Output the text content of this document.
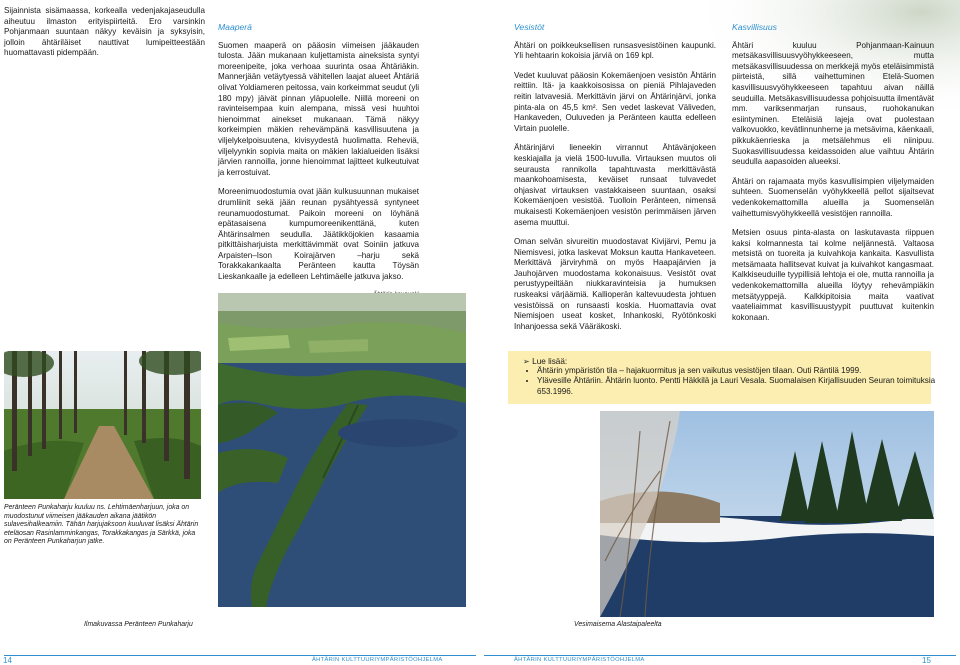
Sijainnista sisämaassa, korkealla vedenjakajaseudulla aiheutuu ilmaston erityispiirteitä. Ero varsinkin Pohjanmaan suuntaan näkyy keväisin ja syksyisin, jolloin ähtäriläiset nauttivat lumipeitteestään huomattavasti pidempään.

Maaperä

Suomen maaperä on pääosin viimeisen jääkauden tulosta. Jään mukanaan kuljettamista aineksista syntyi moreenipeite, joka verhoaa suurinta osaa Ähtäriäkin. Mannerjään vetäytyessä vähitellen laajat alueet Ähtäriä olivat Yoldiameren peitossa, vain korkeimmat seudut (yli 180 mpy) jäivät pinnan yläpuolelle. Niillä moreeni on ravinteisempaa kuin alempana, missä vesi huuhtoi hienoimmat ainekset mukanaan. Tämä näkyy korkeimpien mäkien rehevämpänä kasvillisuutena ja viljelykelpoisuutena, kivisyydestä huolimatta. Reheviä, viljelyynkin sopivia maita on mäkien lakialueiden lisäksi järvien rannoilla, jonne hienoimmat lajitteet kulkeutuivat ja kerrostuivat.

Moreenimuodostumia ovat jään kulkusuunnan mukaiset drumliinit sekä jään reunan pysähtyessä syntyneet reunamuodostumat. Paikoin moreeni on löyhänä epätasaisena kumpumoreenikenttänä, kuten Ähtärinsalmen seudulla. Jäätikköjokien kasaamia pitkittäisharjuista merkittävimmät ovat Soiniin jatkuva Arpaisten–Ison Koirajärven –harju sekä Torakkakankaalta Peränteen kautta Töysän Lieskankaalle ja edelleen Lehtimäelle jatkuva jakso.

Peränteen Punkaharju kuuluu ns. Lehtimäenharjuun, joka on muodostunut viimeisen jääkauden aikana jäätikön sulavesihalkeamiin. Tähän harjujaksoon kuuluvat lisäksi Ähtärin eteläosan Rasinlamminkangas, Torakkakangas ja Särkkä, joka on Peränteen Punkaharjun jatke.
Ilmakuvassa Peränteen Punkaharju
14	ÄHTÄRIN KULTTUURIYMPÄRISTÖOHJELMA
Vesistöt

Ähtäri on poikkeuksellisen runsasvesistöinen kaupunki. Yli hehtaarin kokoisia järviä on 169 kpl.

Vedet kuuluvat pääosin Kokemäenjoen vesistön Ähtärin reittiin. Itä- ja kaakkoisosissa on pieniä Pihlajaveden reitin latvavesiä. Merkittävin järvi on Ähtärinjärvi, jonka pinta-ala on 45,5 km². Sen vedet laskevat Väliveden, Hankaveden, Ouluveden ja Peränteen kautta edelleen Virtain puolelle.

Ähtärinjärvi lieneekin virrannut Ähtävänjokeen keskiajalla ja vielä 1500-luvulla. Virtauksen muutos oli seurausta rannikolla tapahtuvasta merkittävästä maankohoamisesta, keväiset runsaat tulvavedet ohjasivat virtauksen vastakkaiseen suuntaan, osaksi Kokemäenjoen vesistöä. Tuolloin Peränteen, nimensä mukaisesti Kokemäenjoen vesistön perimmäisen järven asema muuttui.

Oman selvän sivureitin muodostavat Kivijärvi, Pemu ja Niemisvesi, jotka laskevat Moksun kautta Hankaveteen. Merkittävä järviryhmä on myös Haapajärvien ja Jauhojärven muodostama kokonaisuus. Vesistöt ovat perustyypeiltään niukkaravinteisia ja humuksen ruskeaksi värjäämiä. Kallioperän kaltevuudesta johtuen vesistöissä on runsaasti koskia. Huomattavia ovat Niemisjoen useat kosket, Inhankoski, Ryötönkoski Inhanjoessa sekä Vääräkoski.

Kasvillisuus

Ähtäri kuuluu Pohjanmaan-Kainuun metsäkasvillisuusvyöhykkeeseen, mutta metsäkasvillisuudessa on merkkejä myös eteläisimmistä piirteistä, sillä vaihettuminen Etelä-Suomen kasvillisuusvyöhykkeeseen tapahtuu aivan näillä seuduilla. Metsäkasvillisuudessa pohjoisuutta ilmentävät mm. variksenmarjan runsaus, ruohokanukan esiintyminen. Eteläisiä lajeja ovat puolestaan valkovuokko, kevätlinnunherne ja metsävirna, käenkaali, pikkukäenrieska ja metsälehmus eli niinipuu. Suokasvillisuudessa keidassoiden alue vaihtuu Ähtärin seudulla aapasoiden alueeksi.

Ähtäri on rajamaata myös kasvullisimpien viljelymaiden suhteen. Suomenselän vyöhykkeellä pellot sijaitsevat vedenkokemattomilla alueilla ja Suomenselän vaihettumisvyöhykkeellä vesistöjen rannoilla.

Metsien osuus pinta-alasta on laskutavasta riippuen kaksi kolmannesta tai kolme neljännestä. Valtaosa metsistä on tuoreita ja kuivahkoja kankaita. Kasvullista metsämaata hallitsevat kuivat ja kuivahkot kangasmaat. Kalkkiseuduille tyypillisiä lehtoja ei ole, mutta rannoilla ja vedenkokemattomilla alueilla löytyy rehevämpiäkin metsätyyppejä. Kalkkipitoisia maita vaativat vaateliaimmat kasvillisuustyypit puuttuvat kuitenkin kokonaan.

➢ Lue lisää:
• Ähtärin ympäristön tila – hajakuormitus ja sen vaikutus vesistöjen tilaan. Outi Räntilä 1999.
• Ylävesille Ähtäriin. Ähtärin luonto. Pentti Häkkilä ja Lauri Vesala. Suomalaisen Kirjallisuuden Seuran toimituksia 653.1996.
Vesimaisema Alastaipaleelta
ÄHTÄRIN KULTTUURIYMPÄRISTÖOHJELMA	15
